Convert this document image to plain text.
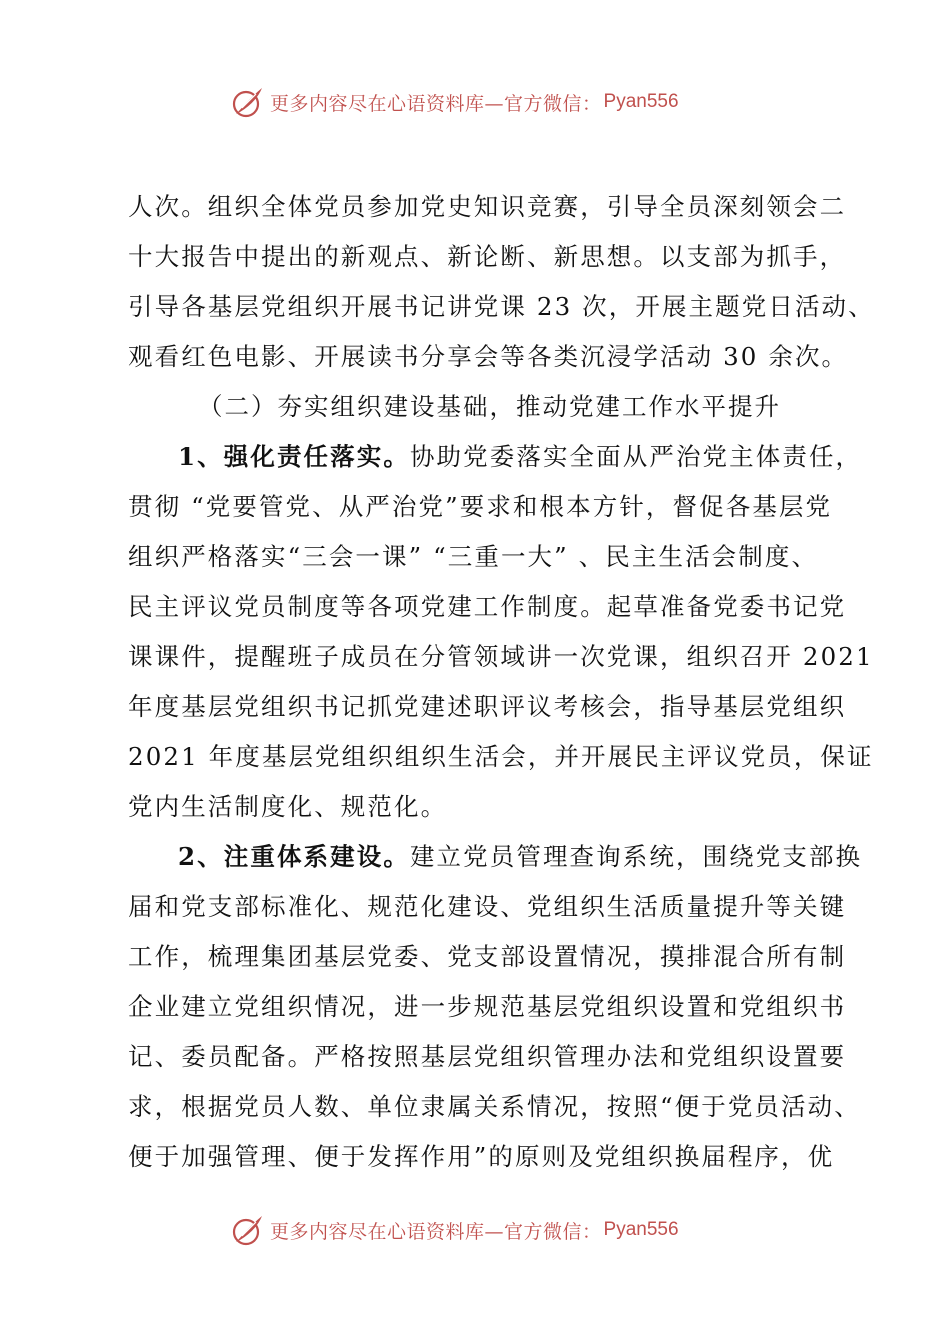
更多内容尽在心语资料库—官方微信： Pyan556
人次。组织全体党员参加党史知识竞赛，引导全员深刻领会二
十大报告中提出的新观点、新论断、新思想。以支部为抓手，
引导各基层党组织开展书记讲党课 23 次，开展主题党日活动、
观看红色电影、开展读书分享会等各类沉浸学活动 30 余次。
（二）夯实组织建设基础，推动党建工作水平提升
1、强化责任落实。协助党委落实全面从严治党主体责任，
贯彻 “党要管党、从严治党”要求和根本方针，督促各基层党
组织严格落实“三会一课” “三重一大” 、民主生活会制度、
民主评议党员制度等各项党建工作制度。起草准备党委书记党
课课件，提醒班子成员在分管领域讲一次党课，组织召开 2021
年度基层党组织书记抓党建述职评议考核会，指导基层党组织
2021 年度基层党组织组织生活会，并开展民主评议党员，保证
党内生活制度化、规范化。
2、注重体系建设。建立党员管理查询系统，围绕党支部换
届和党支部标准化、规范化建设、党组织生活质量提升等关键
工作，梳理集团基层党委、党支部设置情况，摸排混合所有制
企业建立党组织情况，进一步规范基层党组织设置和党组织书
记、委员配备。严格按照基层党组织管理办法和党组织设置要
求，根据党员人数、单位隶属关系情况，按照“便于党员活动、
便于加强管理、便于发挥作用”的原则及党组织换届程序，优
更多内容尽在心语资料库—官方微信： Pyan556
